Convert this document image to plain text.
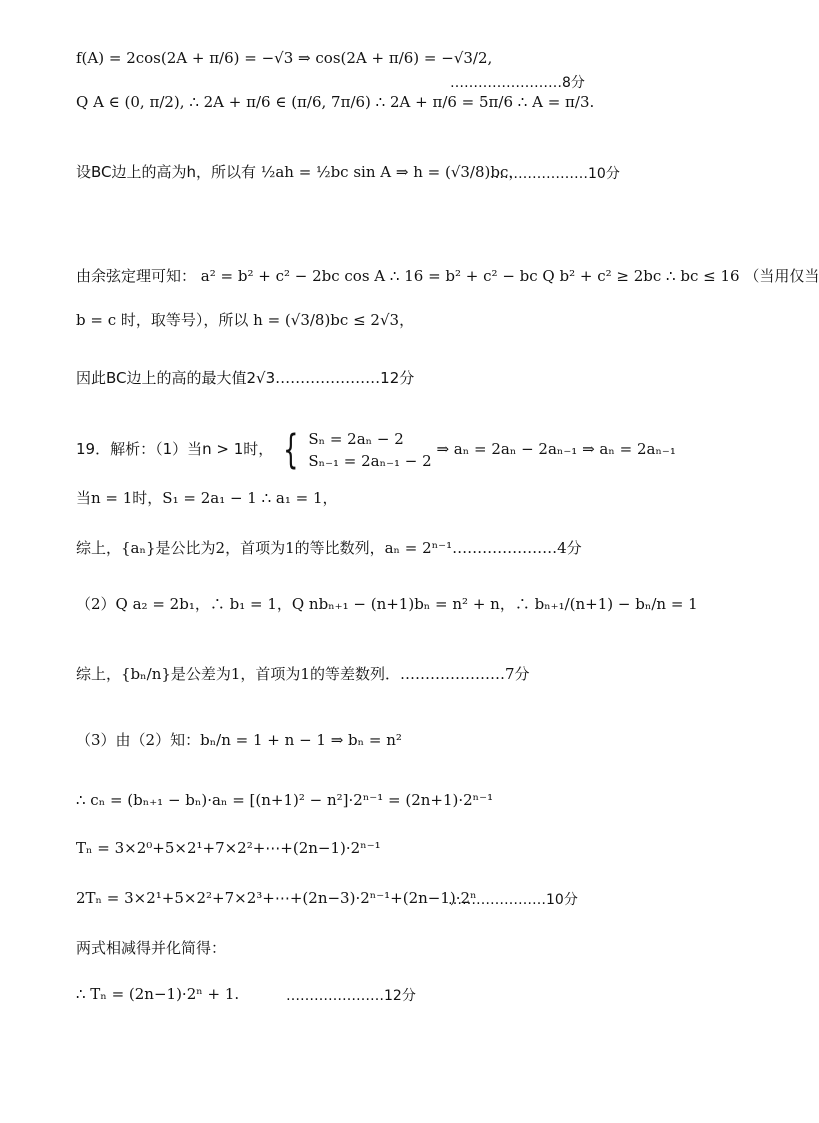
f(A) = 2cos(2A + π/6) = −√3 ⇒ cos(2A + π/6) = −√3/2,
Q A ∈ (0, π/2), ∴ 2A + π/6 ∈ (π/6, 7π/6) ∴ 2A + π/6 = 5π/6 ∴ A = π/3.
……………………8分
设BC边上的高为h，所以有 ½ah = ½bc sin A ⇒ h = (√3/8)bc，
…………………10分
由余弦定理可知： a² = b² + c² − 2bc cos A ∴ 16 = b² + c² − bc Q b² + c² ≥ 2bc ∴ bc ≤ 16 （当用仅当
b = c 时，取等号），所以 h = (√3/8)bc ≤ 2√3，
因此BC边上的高的最大值2√3…………………12分
19．解析：（1）当n > 1时， { Sₙ = 2aₙ − 2
Sₙ₋₁ = 2aₙ₋₁ − 2
⇒ aₙ = 2aₙ − 2aₙ₋₁ ⇒ aₙ = 2aₙ₋₁
当n = 1时，S₁ = 2a₁ − 1 ∴ a₁ = 1，
综上，{aₙ}是公比为2，首项为1的等比数列，aₙ = 2ⁿ⁻¹…………………4分
（2）Q a₂ = 2b₁，∴ b₁ = 1，Q nbₙ₊₁ − (n+1)bₙ = n² + n，∴ bₙ₊₁/(n+1) − bₙ/n = 1
综上，{bₙ/n}是公差为1，首项为1的等差数列．…………………7分
（3）由（2）知：bₙ/n = 1 + n − 1 ⇒ bₙ = n²
∴ cₙ = (bₙ₊₁ − bₙ)·aₙ = [(n+1)² − n²]·2ⁿ⁻¹ = (2n+1)·2ⁿ⁻¹
Tₙ = 3×2⁰+5×2¹+7×2²+⋯+(2n−1)·2ⁿ⁻¹
2Tₙ = 3×2¹+5×2²+7×2³+⋯+(2n−3)·2ⁿ⁻¹+(2n−1)·2ⁿ
…………………10分
两式相减得并化简得：
∴ Tₙ = (2n−1)·2ⁿ + 1.	…………………12分
